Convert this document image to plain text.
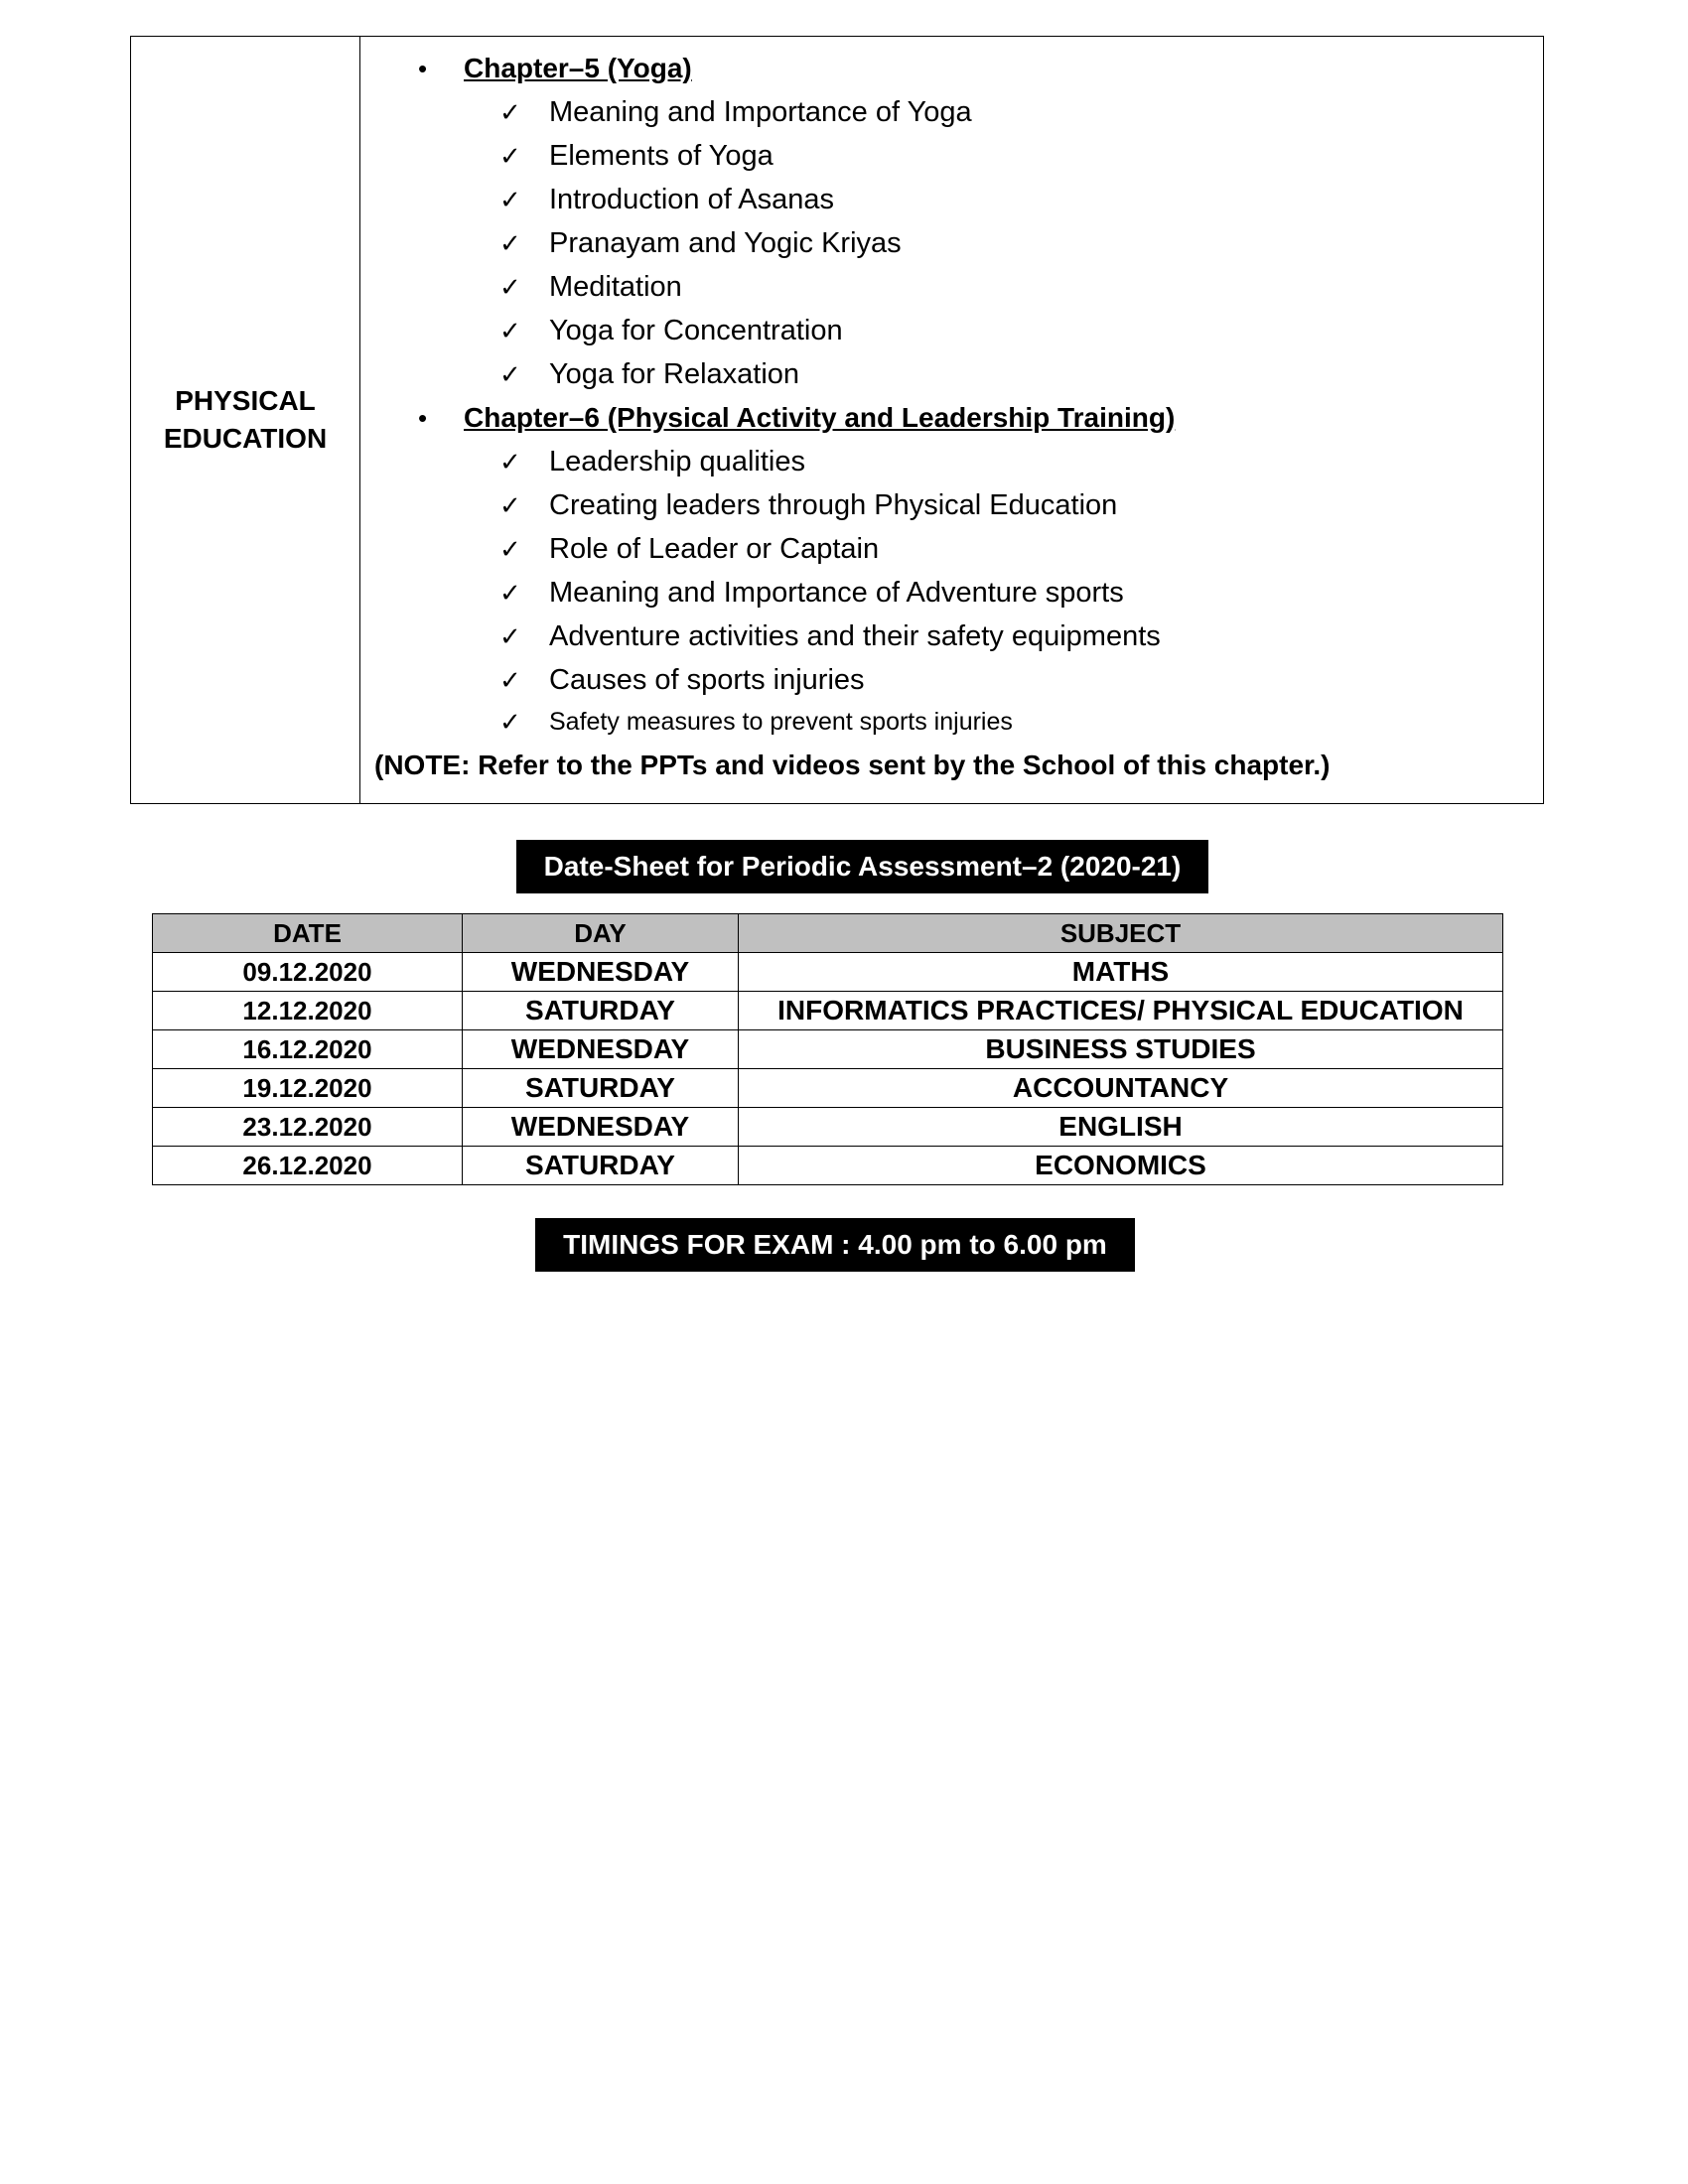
PHYSICAL EDUCATION
• Chapter–5 (Yoga)
✓ Meaning and Importance of Yoga
✓ Elements of Yoga
✓ Introduction of Asanas
✓ Pranayam and Yogic Kriyas
✓ Meditation
✓ Yoga for Concentration
✓ Yoga for Relaxation
• Chapter–6 (Physical Activity and Leadership Training)
✓ Leadership qualities
✓ Creating leaders through Physical Education
✓ Role of Leader or Captain
✓ Meaning and Importance of Adventure sports
✓ Adventure activities and their safety equipments
✓ Causes of sports injuries
✓ Safety measures to prevent sports injuries
(NOTE: Refer to the PPTs and videos sent by the School of this chapter.)
Date-Sheet for Periodic Assessment–2 (2020-21)
DATE	DAY	SUBJECT
09.12.2020	WEDNESDAY	MATHS
12.12.2020	SATURDAY	INFORMATICS PRACTICES/ PHYSICAL EDUCATION
16.12.2020	WEDNESDAY	BUSINESS STUDIES
19.12.2020	SATURDAY	ACCOUNTANCY
23.12.2020	WEDNESDAY	ENGLISH
26.12.2020	SATURDAY	ECONOMICS
TIMINGS FOR EXAM : 4.00 pm to 6.00 pm
